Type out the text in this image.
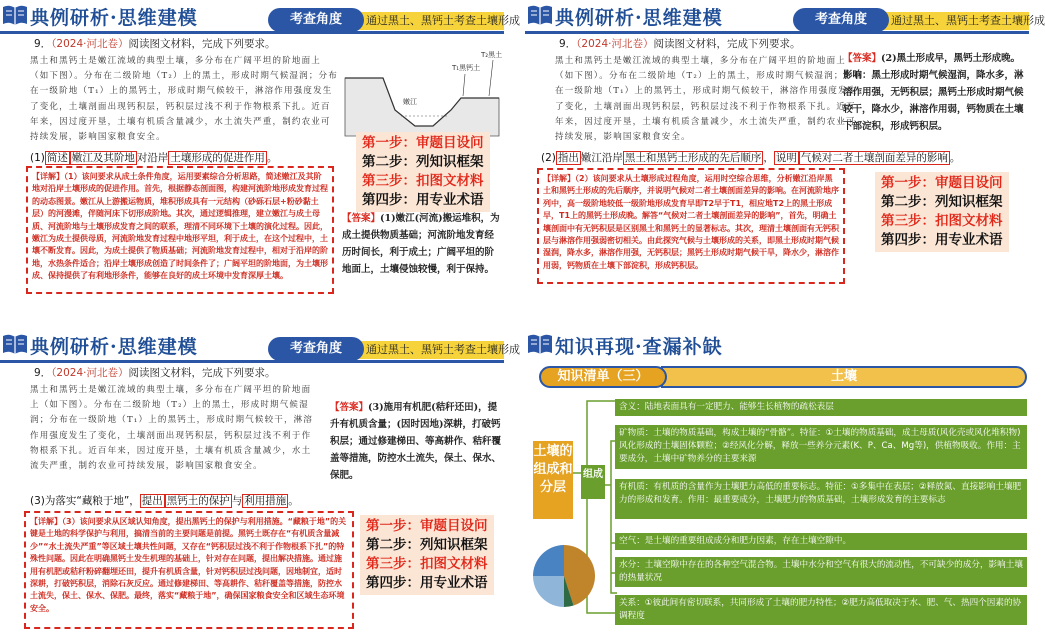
典例研析·思维建模	通过黑土、黑钙土考查土壤形成
考查角度
9．（2024·河北卷）阅读图文材料，完成下列要求。
黑土和黑钙土是嫩江流域的典型土壤，多分布在广阔平坦的阶地面上（如下图）。分布在二级阶地（T₂）上的黑土，形成时期气候湿润；分布在一级阶地（T₁）上的黑钙土，形成时期气候较干，淋溶作用强度发生了变化，土壤剖面出现钙积层，钙积层过浅不利于作物根系下扎。近百年来，因过度开垦，土壤有机质含量减少，水土流失严重，制约农业可持续发展，影响国家粮食安全。
T₁黑钙土
T₂黑土
嫩江
(1) 简述 嫩江及其阶地 对沿岸 土壤形成的促进作用 。
【详解】（1）该问要求从成土条件角度，运用要素综合分析思路，简述嫩江及其阶地对沿岸土壤形成的促进作用。首先，根据静态剖面图，构建河流阶地形成发育过程的动态图景。嫩江从上游搬运物质，堆积形成具有一元结构（砂砾石层+粉砂黏土层）的河漫滩，伴随河床下切形成阶地。其次，通过逻辑推理，建立嫩江与成土母质、河流阶地与土壤形成发育之间的联系，理清不同环境下土壤的演化过程。因此，嫩江为成土提供母质，河流阶地发育过程中地形平坦，利于成土，在这个过程中，土壤不断发育。因此，为成土提供了物质基础；河流阶地发育过程中，相对于沿岸的阶地，水热条件适合；沿岸土壤形成创造了时间条件了；广阔平坦的阶地面，为土壤形成、保持提供了有利地形条件，能够在良好的成土环境中发育深厚土壤。
第一步：审题目设问
第二步：列知识框架
第三步：扣图文材料
第四步：用专业术语
【答案】(1)嫩江(河流)搬运堆积，为成土提供物质基础；河流阶地发育经历时间长，利于成土；广阔平坦的阶地面上，土壤侵蚀较慢，利于保持。
典例研析·思维建模	通过黑土、黑钙土考查土壤形成
考查角度
9．（2024·河北卷）阅读图文材料，完成下列要求。
黑土和黑钙土是嫩江流域的典型土壤，多分布在广阔平坦的阶地面上（如下图）。分布在二级阶地（T₂）上的黑土，形成时期气候湿润；分布在一级阶地（T₁）上的黑钙土，形成时期气候较干，淋溶作用强度发生了变化，土壤剖面出现钙积层，钙积层过浅不利于作物根系下扎。近百年来，因过度开垦，土壤有机质含量减少，水土流失严重，制约农业可持续发展，影响国家粮食安全。
【答案】(2)黑土形成早，黑钙土形成晚。影响：黑土形成时期气候湿润，降水多，淋溶作用强，无钙积层；黑钙土形成时期气候较干，降水少，淋溶作用弱，钙物质在土壤下部淀积，形成钙积层。
(2) 指出 嫩江沿岸 黑土和黑钙土形成的先后顺序 ， 说明 气候对二者土壤剖面差异的影响 。
【详解】（2）该问要求从土壤形成过程角度，运用时空综合思维，分析嫩江沿岸黑土和黑钙土形成的先后顺序，并说明气候对二者土壤剖面差异的影响。在河流阶地序列中，高一级阶地较低一级阶地形成发育早即T2早于T1，相应地T2上的黑土形成早，T1上的黑钙土形成晚。解答“气候对二者土壤剖面差异的影响”，首先，明确土壤剖面中有无钙积层是区别黑土和黑钙土的显著标志。其次，理清土壤剖面有无钙积层与淋溶作用强弱密切相关。由此探究气候与土壤形成的关系，即黑土形成时期气候湿润，降水多，淋溶作用强，无钙积层；黑钙土形成时期气候干旱，降水少，淋溶作用弱，钙物质在土壤下部淀积，形成钙积层。
第一步：审题目设问
第二步：列知识框架
第三步：扣图文材料
第四步：用专业术语
典例研析·思维建模	通过黑土、黑钙土考查土壤形成
考查角度
9．（2024·河北卷）阅读图文材料，完成下列要求。
黑土和黑钙土是嫩江流域的典型土壤，多分布在广阔平坦的阶地面上（如下图）。分布在二级阶地（T₂）上的黑土，形成时期气候湿润；分布在一级阶地（T₁）上的黑钙土，形成时期气候较干，淋溶作用强度发生了变化，土壤剖面出现钙积层，钙积层过浅不利于作物根系下扎。近百年来，因过度开垦，土壤有机质含量减少，水土流失严重，制约农业可持续发展，影响国家粮食安全。
【答案】(3)施用有机肥(秸秆还田)，提升有机质含量；(因时因地)深耕，打破钙积层；通过修建梯田、等高耕作、秸秆覆盖等措施，防控水土流失，保土、保水、保肥。
(3)为落实“藏粮于地”， 提出 黑钙土的保护 与 利用措施 。
【详解】（3）该问要求从区域认知角度，提出黑钙土的保护与利用措施。“藏粮于地”的关键是土地的科学保护与利用，搞清当前的主要问题是前提。黑钙土既存在“有机质含量减少”“水土流失严重”等区域土壤共性问题，又存在“钙积层过浅不利于作物根系下扎”的特殊性问题。因此在明确黑钙土发生机理的基础上，针对存在问题，提出解决措施。通过施用有机肥或秸秆粉碎翻埋还田，提升有机质含量，针对钙积层过浅问题，因地制宜，适时深耕，打破钙积层，消除石灰反应。通过修建梯田、等高耕作、秸秆覆盖等措施，防控水土流失，保土、保水、保肥。最终，落实“藏粮于地”，确保国家粮食安全和区域生态环境安全。
第一步：审题目设问
第二步：列知识框架
第三步：扣图文材料
第四步：用专业术语
知识再现·查漏补缺
土壤
知识清单（三）
土壤的组成和分层
组成
含义：陆地表面具有一定肥力、能够生长植物的疏松表层
矿物质：土壤的物质基础，构成土壤的“骨骼”。特征：①土壤的物质基础，成土母质(风化壳或风化堆积物)风化形成的土壤固体颗粒；②经风化分解，释放一些养分元素(K、P、Ca、Mg等)，供植物吸收。作用：主要成分，土壤中矿物养分的主要来源
有机质：有机质的含量作为土壤肥力高低的重要标志。特征：①多集中在表层；②释放氮、直接影响土壤肥力的形成和发育。作用：最重要成分，土壤肥力的物质基础，土壤形成发育的主要标志
空气：是土壤的重要组成成分和肥力因素，存在土壤空隙中。
水分：土壤空隙中存在的各种空气混合物。土壤中水分和空气有很大的流动性，不可缺少的成分，影响土壤的热量状况
关系：①彼此间有密切联系，共同形成了土壤的肥力特性；②肥力高低取决于水、肥、气、热四个因素的协调程度
